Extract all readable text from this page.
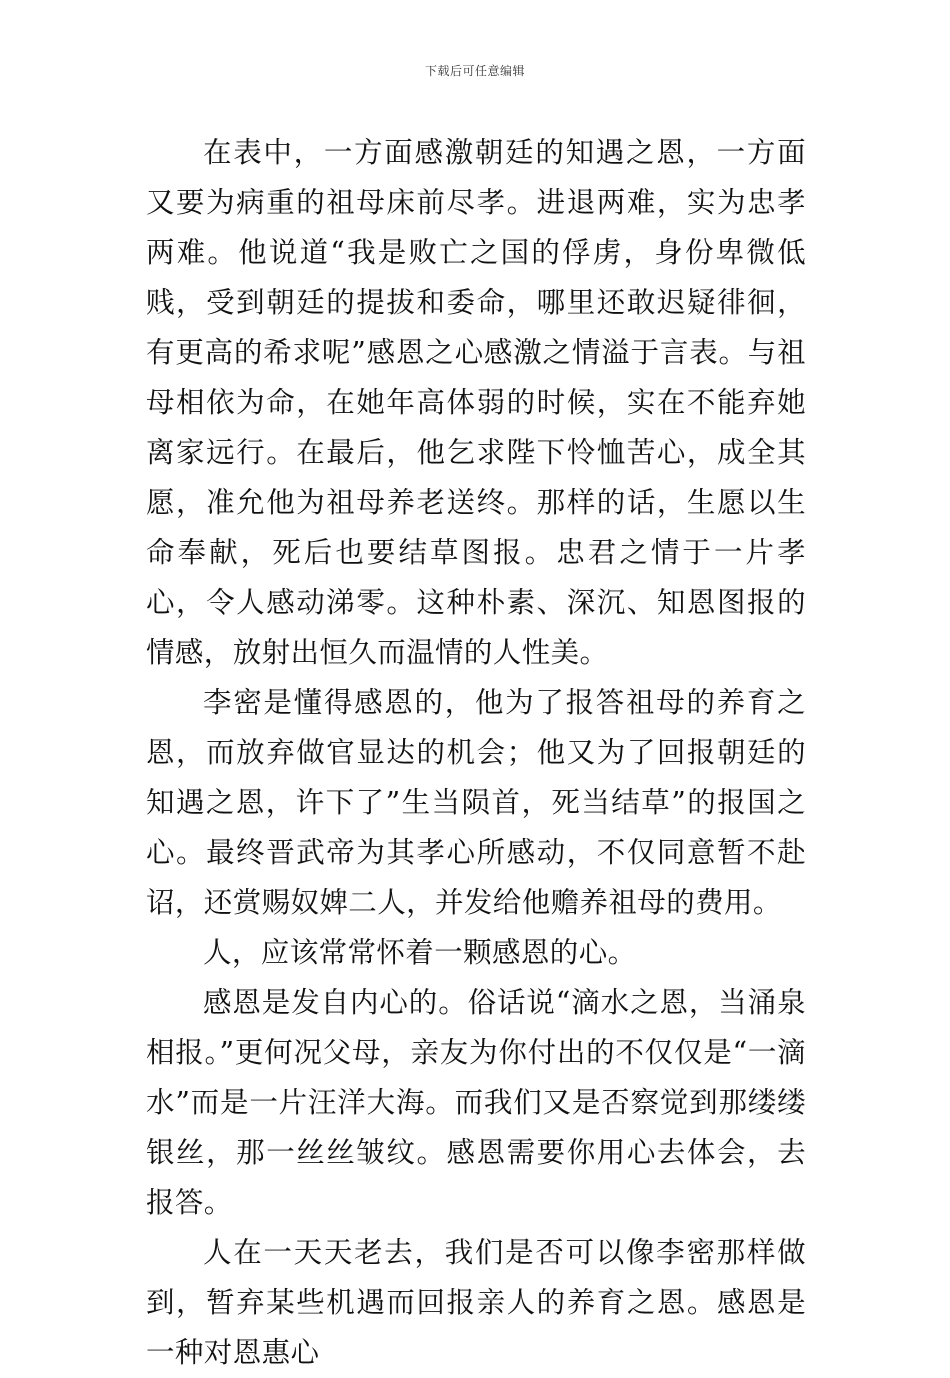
下载后可任意编辑

在表中，一方面感激朝廷的知遇之恩，一方面又要为病重的祖母床前尽孝。进退两难，实为忠孝两难。他说道“我是败亡之国的俘虏，身份卑微低贱，受到朝廷的提拔和委命，哪里还敢迟疑徘徊，有更高的希求呢”感恩之心感激之情溢于言表。与祖母相依为命，在她年高体弱的时候，实在不能弃她离家远行。在最后，他乞求陛下怜恤苦心，成全其愿，准允他为祖母养老送终。那样的话，生愿以生命奉献，死后也要结草图报。忠君之情于一片孝心，令人感动涕零。这种朴素、深沉、知恩图报的情感，放射出恒久而温情的人性美。

李密是懂得感恩的，他为了报答祖母的养育之恩，而放弃做官显达的机会；他又为了回报朝廷的知遇之恩，许下了”生当陨首，死当结草”的报国之心。最终晋武帝为其孝心所感动，不仅同意暂不赴诏，还赏赐奴婢二人，并发给他赡养祖母的费用。

人，应该常常怀着一颗感恩的心。

感恩是发自内心的。俗话说“滴水之恩，当涌泉相报。”更何况父母，亲友为你付出的不仅仅是“一滴水”而是一片汪洋大海。而我们又是否察觉到那缕缕银丝，那一丝丝皱纹。感恩需要你用心去体会，去报答。

人在一天天老去，我们是否可以像李密那样做到，暂弃某些机遇而回报亲人的养育之恩。感恩是一种对恩惠心
